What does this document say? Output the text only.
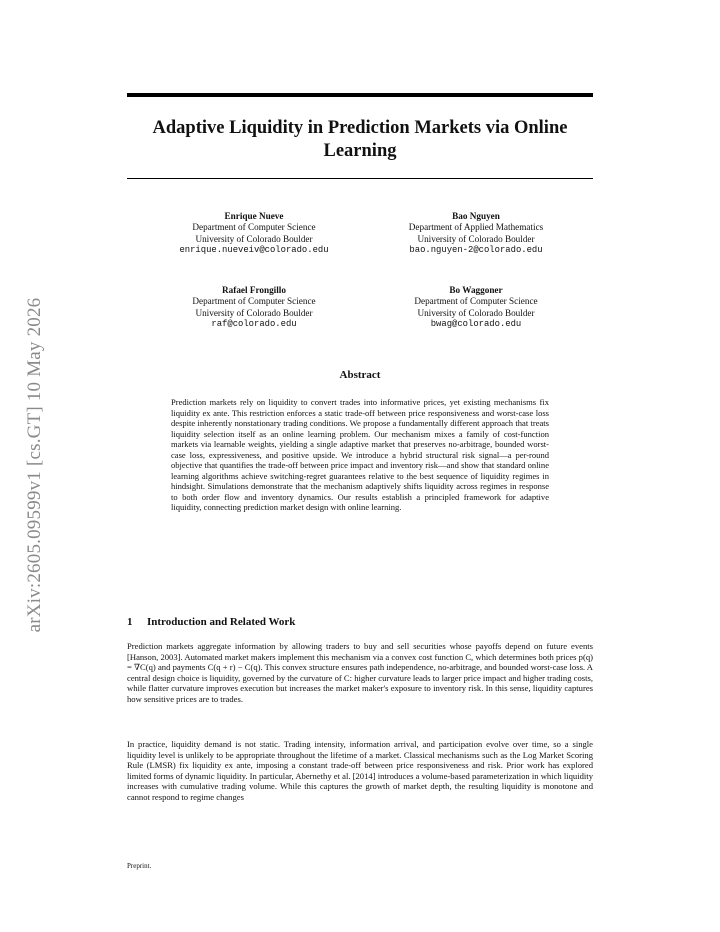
arXiv:2605.09599v1 [cs.GT] 10 May 2026
Adaptive Liquidity in Prediction Markets via Online Learning
Enrique Nueve
Department of Computer Science
University of Colorado Boulder
enrique.nueveiv@colorado.edu
Bao Nguyen
Department of Applied Mathematics
University of Colorado Boulder
bao.nguyen-2@colorado.edu
Rafael Frongillo
Department of Computer Science
University of Colorado Boulder
raf@colorado.edu
Bo Waggoner
Department of Computer Science
University of Colorado Boulder
bwag@colorado.edu
Abstract

Prediction markets rely on liquidity to convert trades into informative prices, yet existing mechanisms fix liquidity ex ante. This restriction enforces a static trade-off between price responsiveness and worst-case loss despite inherently nonstationary trading conditions. We propose a fundamentally different approach that treats liquidity selection itself as an online learning problem. Our mechanism mixes a family of cost-function markets via learnable weights, yielding a single adaptive market that preserves no-arbitrage, bounded worst-case loss, expressiveness, and positive upside. We introduce a hybrid structural risk signal—a per-round objective that quantifies the trade-off between price impact and inventory risk—and show that standard online learning algorithms achieve switching-regret guarantees relative to the best sequence of liquidity regimes in hindsight. Simulations demonstrate that the mechanism adaptively shifts liquidity across regimes in response to both order flow and inventory dynamics. Our results establish a principled framework for adaptive liquidity, connecting prediction market design with online learning.

1 Introduction and Related Work

Prediction markets aggregate information by allowing traders to buy and sell securities whose payoffs depend on future events [Hanson, 2003]. Automated market makers implement this mechanism via a convex cost function C, which determines both prices p(q) = ∇C(q) and payments C(q + r) − C(q). This convex structure ensures path independence, no-arbitrage, and bounded worst-case loss. A central design choice is liquidity, governed by the curvature of C: higher curvature leads to larger price impact and higher trading costs, while flatter curvature improves execution but increases the market maker's exposure to inventory risk. In this sense, liquidity captures how sensitive prices are to trades.

In practice, liquidity demand is not static. Trading intensity, information arrival, and participation evolve over time, so a single liquidity level is unlikely to be appropriate throughout the lifetime of a market. Classical mechanisms such as the Log Market Scoring Rule (LMSR) fix liquidity ex ante, imposing a constant trade-off between price responsiveness and risk. Prior work has explored limited forms of dynamic liquidity. In particular, Abernethy et al. [2014] introduces a volume-based parameterization in which liquidity increases with cumulative trading volume. While this captures the growth of market depth, the resulting liquidity is monotone and cannot respond to regime changes

Preprint.
